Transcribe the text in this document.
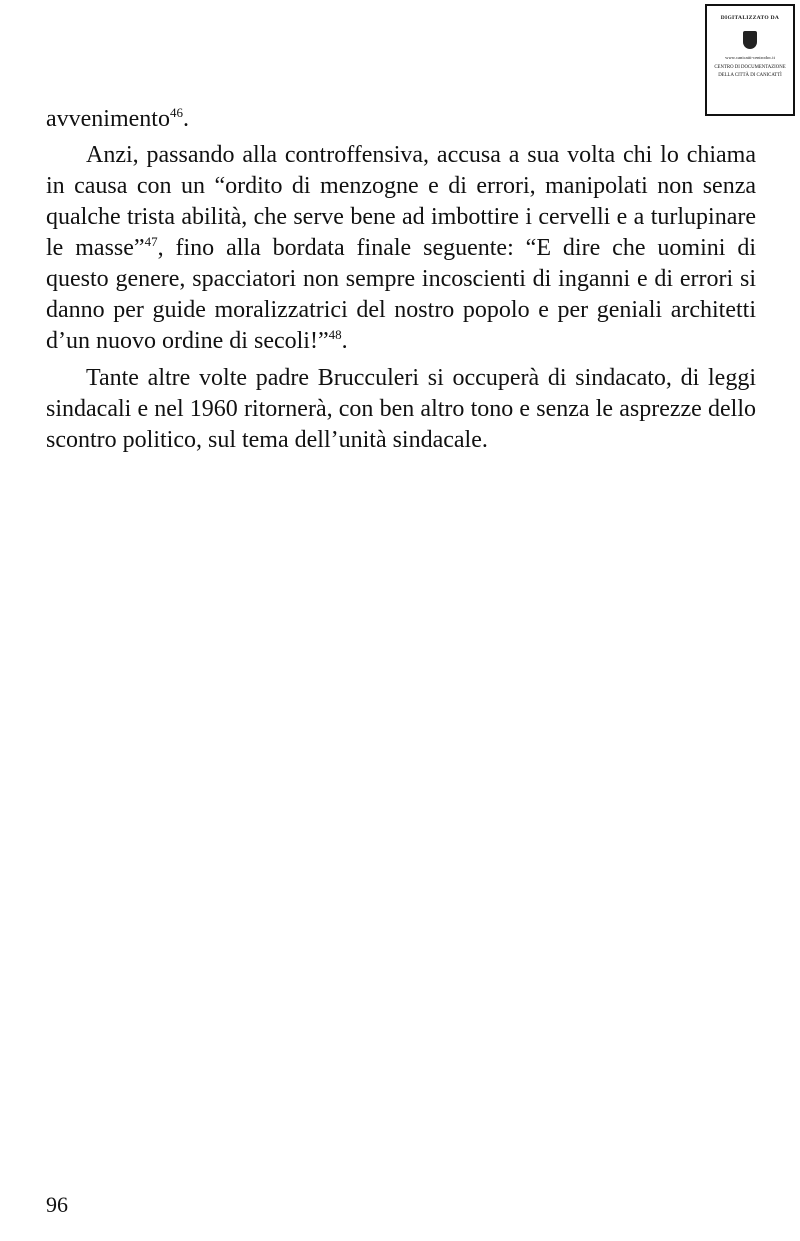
DIGITALIZZATO DA
www.canicatti-centrodoc.it
CENTRO DI DOCUMENTAZIONE
DELLA CITTÀ DI CANICATTÌ

avvenimento$^{46}$.

Anzi, passando alla controffensiva, accusa a sua volta chi lo chiama in causa con un “ordito di menzogne e di errori, manipolati non senza qualche trista abilità, che serve bene ad imbottire i cervelli e a turlupinare le masse”$^{47}$, fino alla bordata finale seguente: “E dire che uomini di questo genere, spacciatori non sempre incoscienti di inganni e di errori si danno per guide moralizzatrici del nostro popolo e per geniali architetti d’un nuovo ordine di secoli!”$^{48}$.

Tante altre volte padre Brucculeri si occuperà di sindacato, di leggi sindacali e nel 1960 ritornerà, con ben altro tono e senza le asprezze dello scontro politico, sul tema dell’unità sindacale.

96
